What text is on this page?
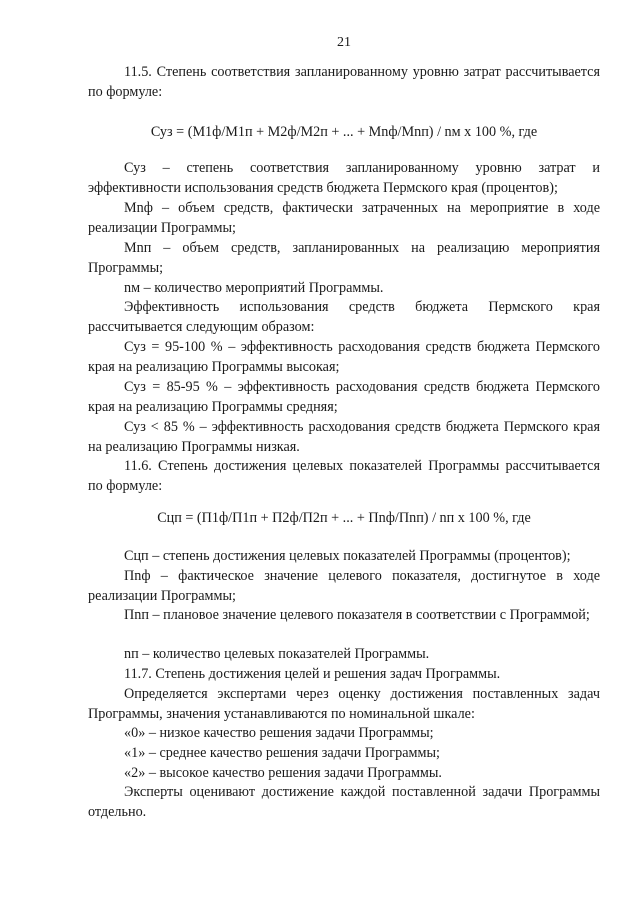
21

11.5. Степень соответствия запланированному уровню затрат рассчитывается по формуле:

Суз = (М1ф/М1п + М2ф/М2п + ... + Мnф/Мnп) / nм x 100 %, где

Суз – степень соответствия запланированному уровню затрат и эффективности использования средств бюджета Пермского края (процентов);

Мnф – объем средств, фактически затраченных на мероприятие в ходе реализации Программы;

Мnп – объем средств, запланированных на реализацию мероприятия Программы;

nм – количество мероприятий Программы.

Эффективность использования средств бюджета Пермского края рассчитывается следующим образом:

Суз = 95-100 % – эффективность расходования средств бюджета Пермского края на реализацию Программы высокая;

Суз = 85-95 % – эффективность расходования средств бюджета Пермского края на реализацию Программы средняя;

Суз < 85 % – эффективность расходования средств бюджета Пермского края на реализацию Программы низкая.

11.6. Степень достижения целевых показателей Программы рассчитывается по формуле:

Сцп = (П1ф/П1п + П2ф/П2п + ... + Пnф/Пnп) / nп x 100 %, где

Сцп – степень достижения целевых показателей Программы (процентов);

Пnф – фактическое значение целевого показателя, достигнутое в ходе реализации Программы;

Пnп – плановое значение целевого показателя в соответствии с Программой;

nп – количество целевых показателей Программы.

11.7. Степень достижения целей и решения задач Программы.

Определяется экспертами через оценку достижения поставленных задач Программы, значения устанавливаются по номинальной шкале:

«0» – низкое качество решения задачи Программы;

«1» – среднее качество решения задачи Программы;

«2» – высокое качество решения задачи Программы.

Эксперты оценивают достижение каждой поставленной задачи Программы отдельно.
